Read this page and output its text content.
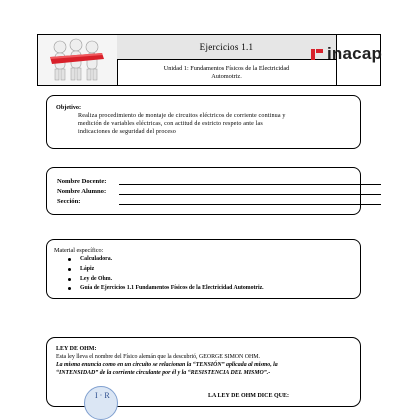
Ejercicios 1.1
Unidad 1: Fundamentos Físicos de la Electricidad
Automotriz.
inacap
Objetivo:
Realiza procedimiento de montaje de circuitos eléctricos de corriente continua y
medición de variables eléctricas, con actitud de estricto respeto ante las
indicaciones de seguridad del proceso
Nombre Docente:
Nombre Alumno:
Sección:
Material específico:
Calculadora.
Lápiz
Ley de Ohm.
Guía de Ejercicios 1.1 Fundamentos Físicos de la Electricidad Automotriz.
LEY DE OHM:
Esta ley lleva el nombre del Físico alemán que la descubrió, GEORGE SIMON OHM.
La misma enuncia como en un circuito se relacionan la “TENSIÓN” aplicada al mismo, la
“INTENSIDAD” de la corriente circulante por él y la “RESISTENCIA DEL MISMO”.-
I · R	LA LEY DE OHM DICE QUE:
